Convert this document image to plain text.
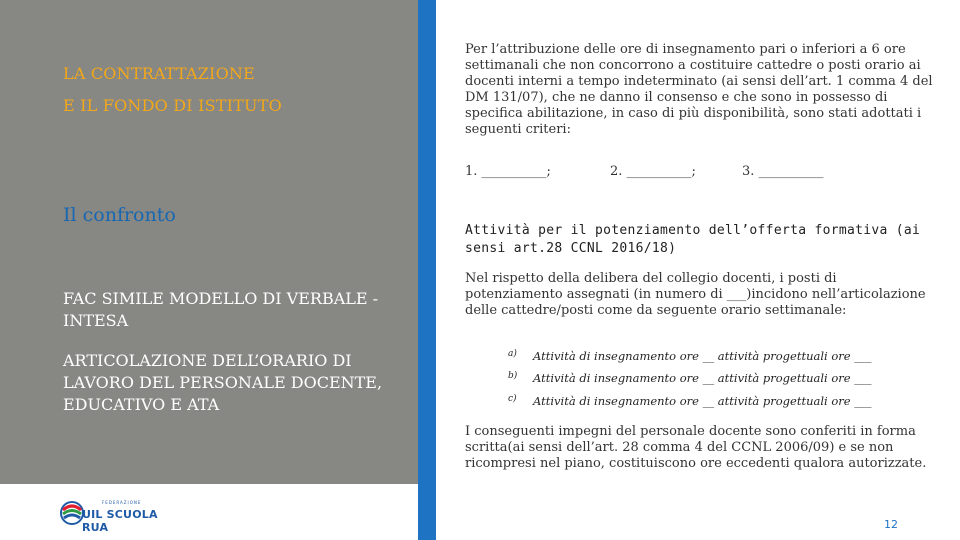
LA CONTRATTAZIONE
E IL FONDO DI ISTITUTO
Il confronto
FAC SIMILE MODELLO DI VERBALE -INTESA
ARTICOLAZIONE DELL’ORARIO DI LAVORO DEL PERSONALE DOCENTE, EDUCATIVO E ATA
FEDERAZIONE
UIL SCUOLA RUA
Per l’attribuzione delle ore di insegnamento pari o inferiori a 6 ore settimanali che non concorrono a costituire cattedre o posti orario ai docenti interni a tempo indeterminato (ai sensi dell’art. 1 comma 4 del DM 131/07), che ne danno il consenso e che sono in possesso di specifica abilitazione, in caso di più disponibilità, sono stati adottati i seguenti criteri:
1. __________;	2. __________;	3. __________
Attività per il potenziamento dell’offerta formativa (ai sensi art.28 CCNL 2016/18)
Nel rispetto della delibera del collegio docenti, i posti di potenziamento assegnati (in numero di ___)incidono nell’articolazione delle cattedre/posti come da seguente orario settimanale:
a) Attività di insegnamento ore __ attività progettuali ore ___
b) Attività di insegnamento ore __ attività progettuali ore ___
c) Attività di insegnamento ore __ attività progettuali ore ___
I conseguenti impegni del personale docente sono conferiti in forma scritta(ai sensi dell’art. 28 comma 4 del CCNL 2006/09) e se non ricompresi nel piano, costituiscono ore eccedenti qualora autorizzate.
12
